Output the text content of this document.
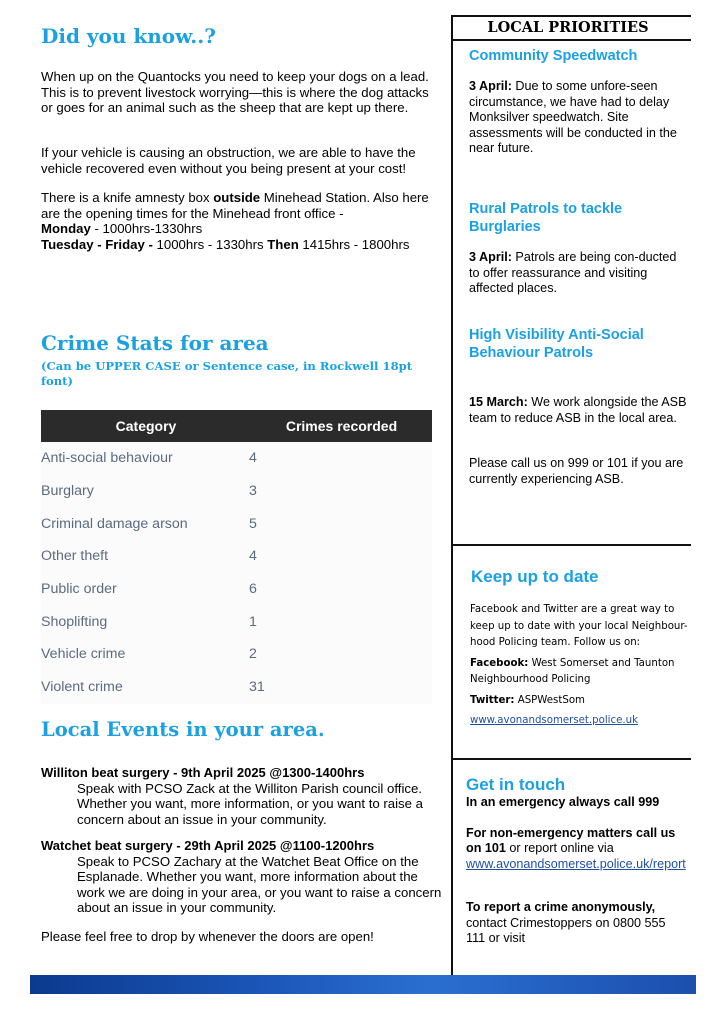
Did you know..?

When up on the Quantocks you need to keep your dogs on a lead. This is to prevent livestock worrying—this is where the dog attacks or goes for an animal such as the sheep that are kept up there.

If your vehicle is causing an obstruction, we are able to have the vehicle recovered even without you being present at your cost!

There is a knife amnesty box outside Minehead Station. Also here are the opening times for the Minehead front office -
Monday - 1000hrs-1330hrs
Tuesday - Friday - 1000hrs - 1330hrs Then 1415hrs - 1800hrs
Crime Stats for area
(Can be UPPER CASE or Sentence case, in Rockwell 18pt font)
Category	Crimes recorded
Anti-social behaviour	4
Burglary	3
Criminal damage arson	5
Other theft	4
Public order	6
Shoplifting	1
Vehicle crime	2
Violent crime	31
Local Events in your area.
Williton beat surgery - 9th April 2025 @1300-1400hrs
Speak with PCSO Zack at the Williton Parish council office. Whether you want, more information, or you want to raise a concern about an issue in your community.
Watchet beat surgery - 29th April 2025 @1100-1200hrs
Speak to PCSO Zachary at the Watchet Beat Office on the Esplanade. Whether you want, more information about the work we are doing in your area, or you want to raise a concern about an issue in your community.

Please feel free to drop by whenever the doors are open!

LOCAL PRIORITIES
Community Speedwatch

3 April: Due to some unfore-seen circumstance, we have had to delay Monksilver speedwatch. Site assessments will be conducted in the near future.

Rural Patrols to tackle Burglaries

3 April: Patrols are being con-ducted to offer reassurance and visiting affected places.

High Visibility Anti-Social Behaviour Patrols

15 March: We work alongside the ASB team to reduce ASB in the local area.

Please call us on 999 or 101 if you are currently experiencing ASB.

Keep up to date

Facebook and Twitter are a great way to keep up to date with your local Neighbour-hood Policing team. Follow us on:

Facebook: West Somerset and Taunton Neighbourhood Policing

Twitter: ASPWestSom

www.avonandsomerset.police.uk

Get in touch

In an emergency always call 999

For non-emergency matters call us on 101 or report online via www.avonandsomerset.police.uk/report

To report a crime anonymously, contact Crimestoppers on 0800 555 111 or visit
